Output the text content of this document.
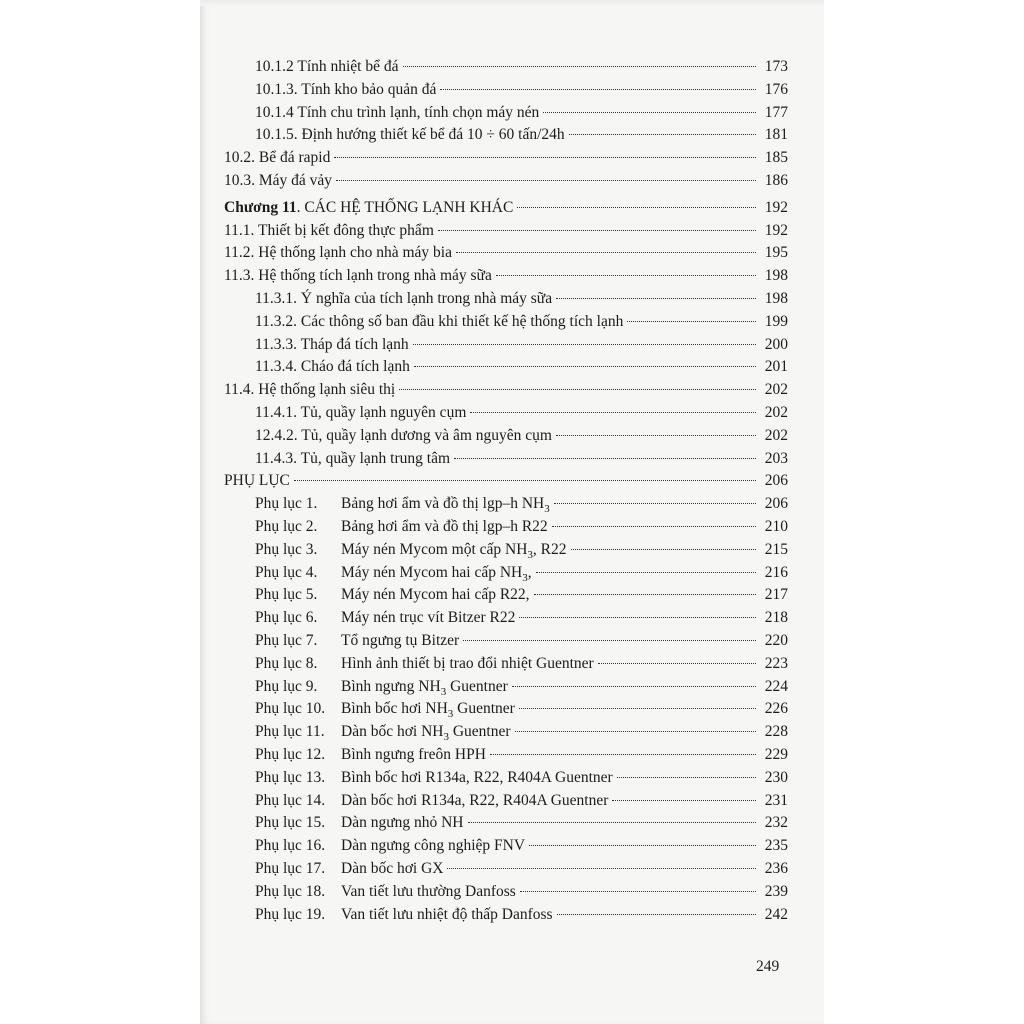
10.1.2 Tính nhiệt bể đá	173
10.1.3. Tính kho bảo quản đá	176
10.1.4 Tính chu trình lạnh, tính chọn máy nén	177
10.1.5. Định hướng thiết kế bể đá 10 ÷ 60 tấn/24h	181
10.2. Bể đá rapid	185
10.3. Máy đá vảy	186
Chương 11. CÁC HỆ THỐNG LẠNH KHÁC	192
11.1. Thiết bị kết đông thực phẩm	192
11.2. Hệ thống lạnh cho nhà máy bia	195
11.3. Hệ thống tích lạnh trong nhà máy sữa	198
11.3.1. Ý nghĩa của tích lạnh trong nhà máy sữa	198
11.3.2. Các thông số ban đầu khi thiết kế hệ thống tích lạnh	199
11.3.3. Tháp đá tích lạnh	200
11.3.4. Cháo đá tích lạnh	201
11.4. Hệ thống lạnh siêu thị	202
11.4.1. Tủ, quầy lạnh nguyên cụm	202
12.4.2. Tủ, quầy lạnh dương và âm nguyên cụm	202
11.4.3. Tủ, quầy lạnh trung tâm	203
PHỤ LỤC	206
Phụ lục 1. Bảng hơi ẩm và đồ thị lgp–h $NH_3$	206
Phụ lục 2. Bảng hơi ẩm và đồ thị lgp–h R22	210
Phụ lục 3. Máy nén Mycom một cấp $NH_3$, R22	215
Phụ lục 4. Máy nén Mycom hai cấp $NH_3$,	216
Phụ lục 5. Máy nén Mycom hai cấp R22,	217
Phụ lục 6. Máy nén trục vít Bitzer R22	218
Phụ lục 7. Tổ ngưng tụ Bitzer	220
Phụ lục 8. Hình ảnh thiết bị trao đổi nhiệt Guentner	223
Phụ lục 9. Bình ngưng $NH_3$ Guentner	224
Phụ lục 10. Bình bốc hơi $NH_3$ Guentner	226
Phụ lục 11. Dàn bốc hơi $NH_3$ Guentner	228
Phụ lục 12. Bình ngưng freôn HPH	229
Phụ lục 13. Bình bốc hơi R134a, R22, R404A Guentner	230
Phụ lục 14. Dàn bốc hơi R134a, R22, R404A Guentner	231
Phụ lục 15. Dàn ngưng nhỏ NH	232
Phụ lục 16. Dàn ngưng công nghiệp FNV	235
Phụ lục 17. Dàn bốc hơi GX	236
Phụ lục 18. Van tiết lưu thường Danfoss	239
Phụ lục 19. Van tiết lưu nhiệt độ thấp Danfoss	242
249
